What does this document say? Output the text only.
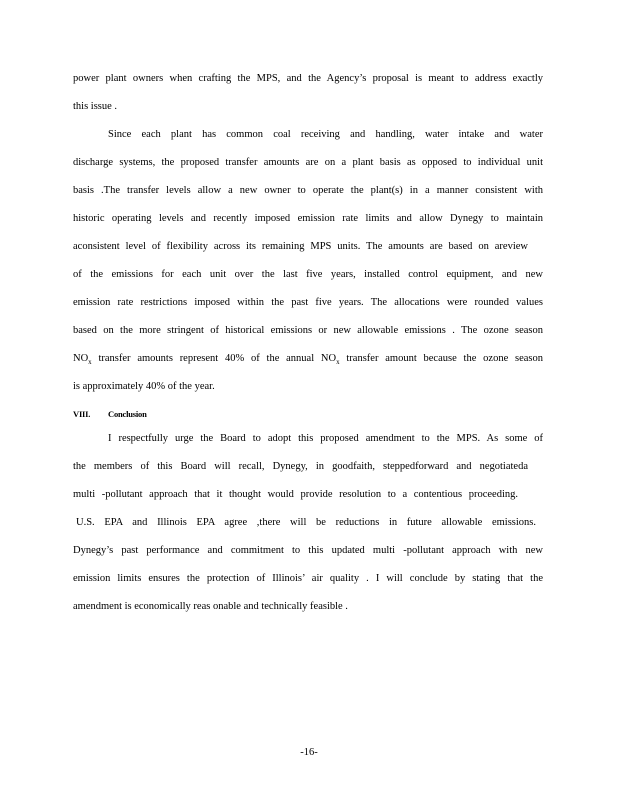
power plant owners when crafting the MPS, and the Agency’s proposal is meant to address exactly
this issue .
Since each plant has common coal receiving and handling, water intake and water
discharge systems, the proposed transfer amounts are on a plant basis as opposed to individual unit
basis .The transfer levels allow a new owner to operate the plant(s) in a manner consistent with
historic operating levels and recently imposed emission rate limits and allow Dynegy to maintain
aconsistent level of flexibility across its remaining MPS units. The amounts are based on areview
of the emissions for each unit over the last five years, installed control equipment, and new
emission rate restrictions imposed within the past five years. The allocations were rounded values
based on the more stringent of historical emissions or new allowable emissions . The ozone season
$NO_x$ transfer amounts represent 40% of the annual $NO_x$ transfer amount because the ozone season
is approximately 40% of the year.
VIII. Conclusion
I respectfully urge the Board to adopt this proposed amendment to the MPS. As some of
the members of this Board will recall, Dynegy, in goodfaith, steppedforward and negotiateda
multi -pollutant approach that it thought would provide resolution to a contentious proceeding.
U.S. EPA and Illinois EPA agree ,there will be reductions in future allowable emissions.
Dynegy’s past performance and commitment to this updated multi -pollutant approach with new
emission limits ensures the protection of Illinois’ air quality . I will conclude by stating that the
amendment is economically reas onable and technically feasible .
-16-
